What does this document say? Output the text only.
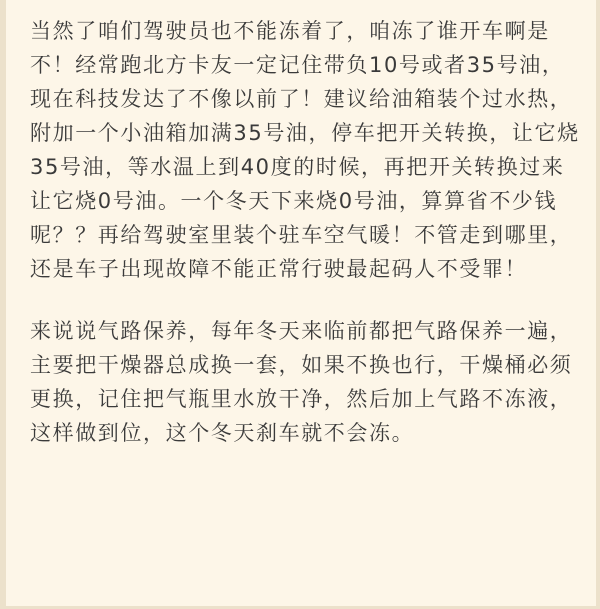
当然了咱们驾驶员也不能冻着了，咱冻了谁开车啊是不！经常跑北方卡友一定记住带负10号或者35号油，现在科技发达了不像以前了！建议给油箱装个过水热，附加一个小油箱加满35号油，停车把开关转换，让它烧35号油，等水温上到40度的时候，再把开关转换过来让它烧0号油。一个冬天下来烧0号油，算算省不少钱呢？？再给驾驶室里装个驻车空气暖！不管走到哪里，还是车子出现故障不能正常行驶最起码人不受罪！

来说说气路保养，每年冬天来临前都把气路保养一遍，主要把干燥器总成换一套，如果不换也行，干燥桶必须更换，记住把气瓶里水放干净，然后加上气路不冻液，这样做到位，这个冬天刹车就不会冻。
